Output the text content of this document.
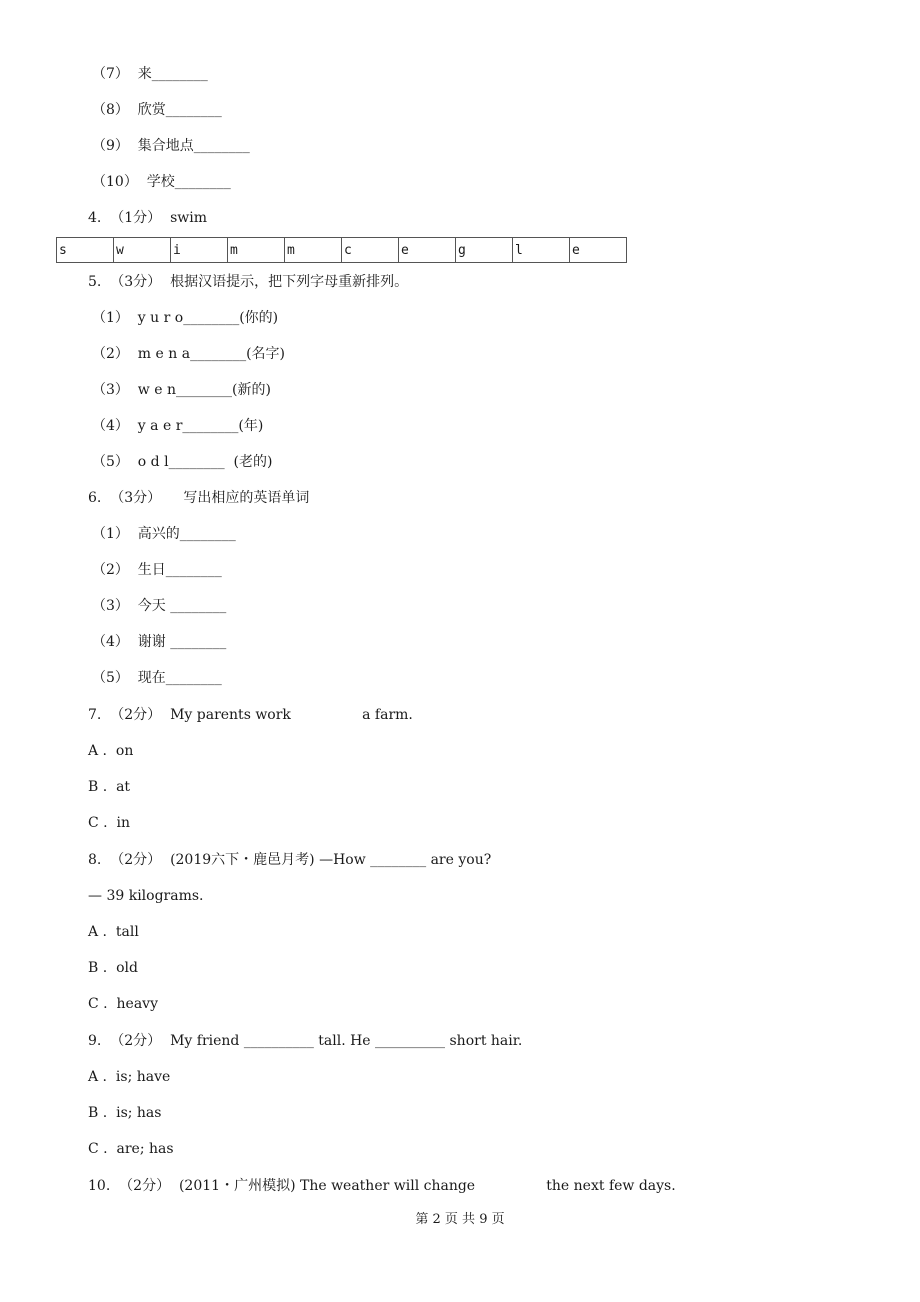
（7）  来________
（8）  欣赏________
（9）  集合地点________
（10）  学校________
4.  （1分）  swim
s	w	i	m	m	c	e	g	l	e
5.  （3分）  根据汉语提示，把下列字母重新排列。
（1）  y u r o________(你的)
（2）  m e n a________(名字)
（3）  w e n________(新的)
（4）  y a e r________(年)
（5）  o d l________  (老的)
6.  （3分）     写出相应的英语单词
（1）  高兴的________
（2）  生日________
（3）  今天 ________
（4）  谢谢 ________
（5）  现在________
7.  （2分）  My parents work                a farm.
A .  on
B .  at
C .  in
8.  （2分）  (2019六下・鹿邑月考) —How ________ are you?
— 39 kilograms.
A .  tall
B .  old
C .  heavy
9.  （2分）  My friend __________ tall. He __________ short hair.
A .  is; have
B .  is; has
C .  are; has
10.  （2分）  (2011・广州模拟) The weather will change                the next few days.
第 2 页 共 9 页
